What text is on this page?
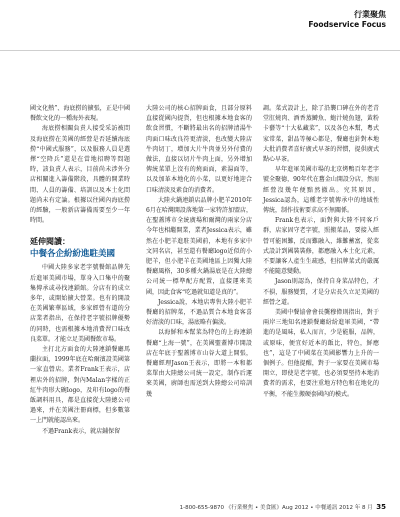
行業聚焦
Foodservice Focus

國文化熱”、海底撈的擴張，正是中國餐飲文化的一種海外表現。

海底撈相關負責人接受采訪被問及海底撈在美國的經營是否延續海底撈“中國式服務”，以及服務人員是選擇“空降兵”還是在當地招聘等問題時，該負責人表示，目前尚未涉外分店相關進入籌備階段，具體的開業時間、人員的籌備、培訓以及本土化問題尚未有定論。根據以往國內海底撈的經驗，一般新店籌備需要至少一年時間。

延伸閱讀：
中餐各企紛紛進駐美國

中國大陸多家老字號餐館品牌先后進軍美國市場，單身入口集中的聚集傳承或尋找連鎖館。分店有的成立多年，或開始擴大營業。也有的開設在美國繁華區域，多家經營有道的分店業者指出，在保持老字號招牌優勢的同時，也需根據本地消費習口味改良菜單。才能立足美國餐飲市場。

主打北方面食的大陸連鎖餐廳馬蘭拉面，1999年底在哈爾濱設美國第一家直營店。業者Frank王表示，店裡店外的招牌，對內Malan字樣的正紅牛肉形大碗logo，及印有logo的餐飯調料用具，都是直接從大陸總公司過來，并在美國注冊商標，但多數第一上門就能認出來。

不過Frank表示，就店鋪保留

大陸公司的核心招牌面食，且部分原料直接從國內提貨，但也根據本地食客的飲食習慣，不斷將最出名的招牌清湯牛肉面口味改良符更清淡，也改變大陸店牛肉切丁，增加大片牛肉並另外付費的做法，直接以切片牛肉上面，另外增加傳統菜單上沒有的燒面面，素湯面等，以及加革本地化的小菜，以更好地迎合口味清淡及素食的消費者。

大陸火鍋連鎖店品牌小肥羊2010年6月在哈灣開設落地第一家特許加盟店，在聖蓋博市全統廣場和爾灣的兩家分店今年也相繼開業，業者Jessica表示，雖然在小肥羊進駐美國前，本地有多家中文同名店，甚至還有餐廳logo近似的小肥羊，但小肥羊在美國地區上因獨大陸餐廳風格，30多種火鍋湯底是在大陸總公司統一標準配方配置，直接運來美國，因此食客“吃過就知道是真的”。

Jessica說，本地店專售大陸小肥羊餐廳的招牌菜，不過品質合本地食客喜好清淡的口味，湯底略有偏淡。

以海鮮和本幫菜為特色的上海連鎖餐廳“上海一號”，在美國聖蓋博市開設店在年底于聖蓋博市山谷大道上開張，餐廳經理Jason王表示，即將一本和都菜單由大陸總公司統一設定，制作后運來美國，廚師也需送到大陸總公司培訓幾

調。菜式設計上，除了沿襲口碑在外的老青堂肛燒肉、酒香蒸鰣魚、鮑汁燒魚翅，黃粉卡藝等“十大私藏菜”，以及各色本幫，粵式家常菜，甜品等極心都是，餐廳也針對本地大批消費者喜好廣式早茶的習慣，提供廣式點心早茶。

早年進軍美國市場的北京烤鴨百年老字號全聚德，90年代在舊金山開設分店，然而經營沒幾年便黯然撤出。究其原因，Jessica認為，這種老字號傳承中的地域性傳統，制作技術要求高不無關係。

Frank也表示，面對與大陸不同客戶群，店家固守老字號，照搬菜品，要接入經營可能困難，反而難融入，維難蓄富，從菜式設計到國裝裝修，都應融入本土化元素，不要讓客人產生生疏感，但招牌菜式的嚴厲不能隨意變動。

Jason則認為，保持自身菜品特色，才不損，服務變質，才是分店長久立足美國的經營之道。

美國中餐協會會長龔穆偉則指出，對于兩岸三地知名連鎖餐廳紛紛進軍美國，“帶進的是風味，私人而言，少是能服，品牌，或原味，便宜好近本的飯比，特色，鮮應也”，這是了中國菜在美國影響力上升的一個例子。但他提醒，對于一家要在美國市場開立，即使是老字號，也必須要堅持本地消費者的需求，也要注重地方特色和在地化的平衡，不能生搬硬套國內的模式。

1-800-655-9870 《行業聚焦 • 美食匯》Aug 2012 • 中餐通訊 2012 年 8 月 35
